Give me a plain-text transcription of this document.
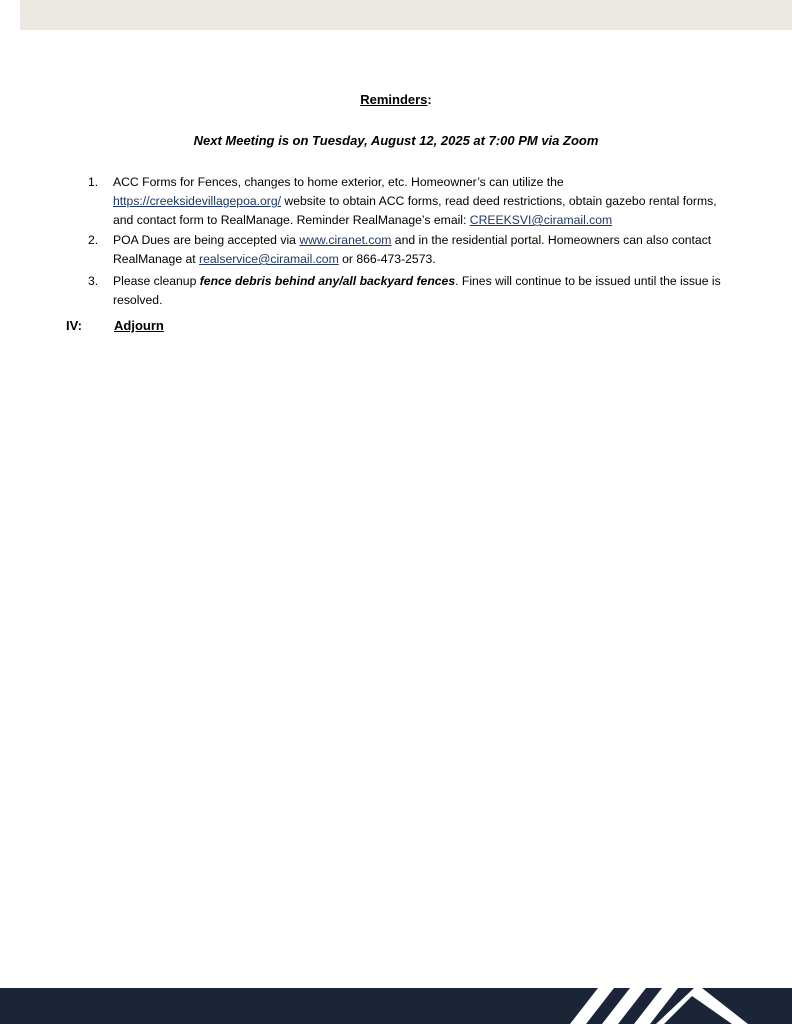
Reminders:
Next Meeting is on Tuesday, August 12, 2025 at 7:00 PM via Zoom
1. ACC Forms for Fences, changes to home exterior, etc. Homeowner’s can utilize the https://creeksidevillagepoa.org/ website to obtain ACC forms, read deed restrictions, obtain gazebo rental forms, and contact form to RealManage. Reminder RealManage’s email: CREEKSVI@ciramail.com
2. POA Dues are being accepted via www.ciranet.com and in the residential portal. Homeowners can also contact RealManage at realservice@ciramail.com or 866-473-2573.
3. Please cleanup fence debris behind any/all backyard fences. Fines will continue to be issued until the issue is resolved.
IV: Adjourn
